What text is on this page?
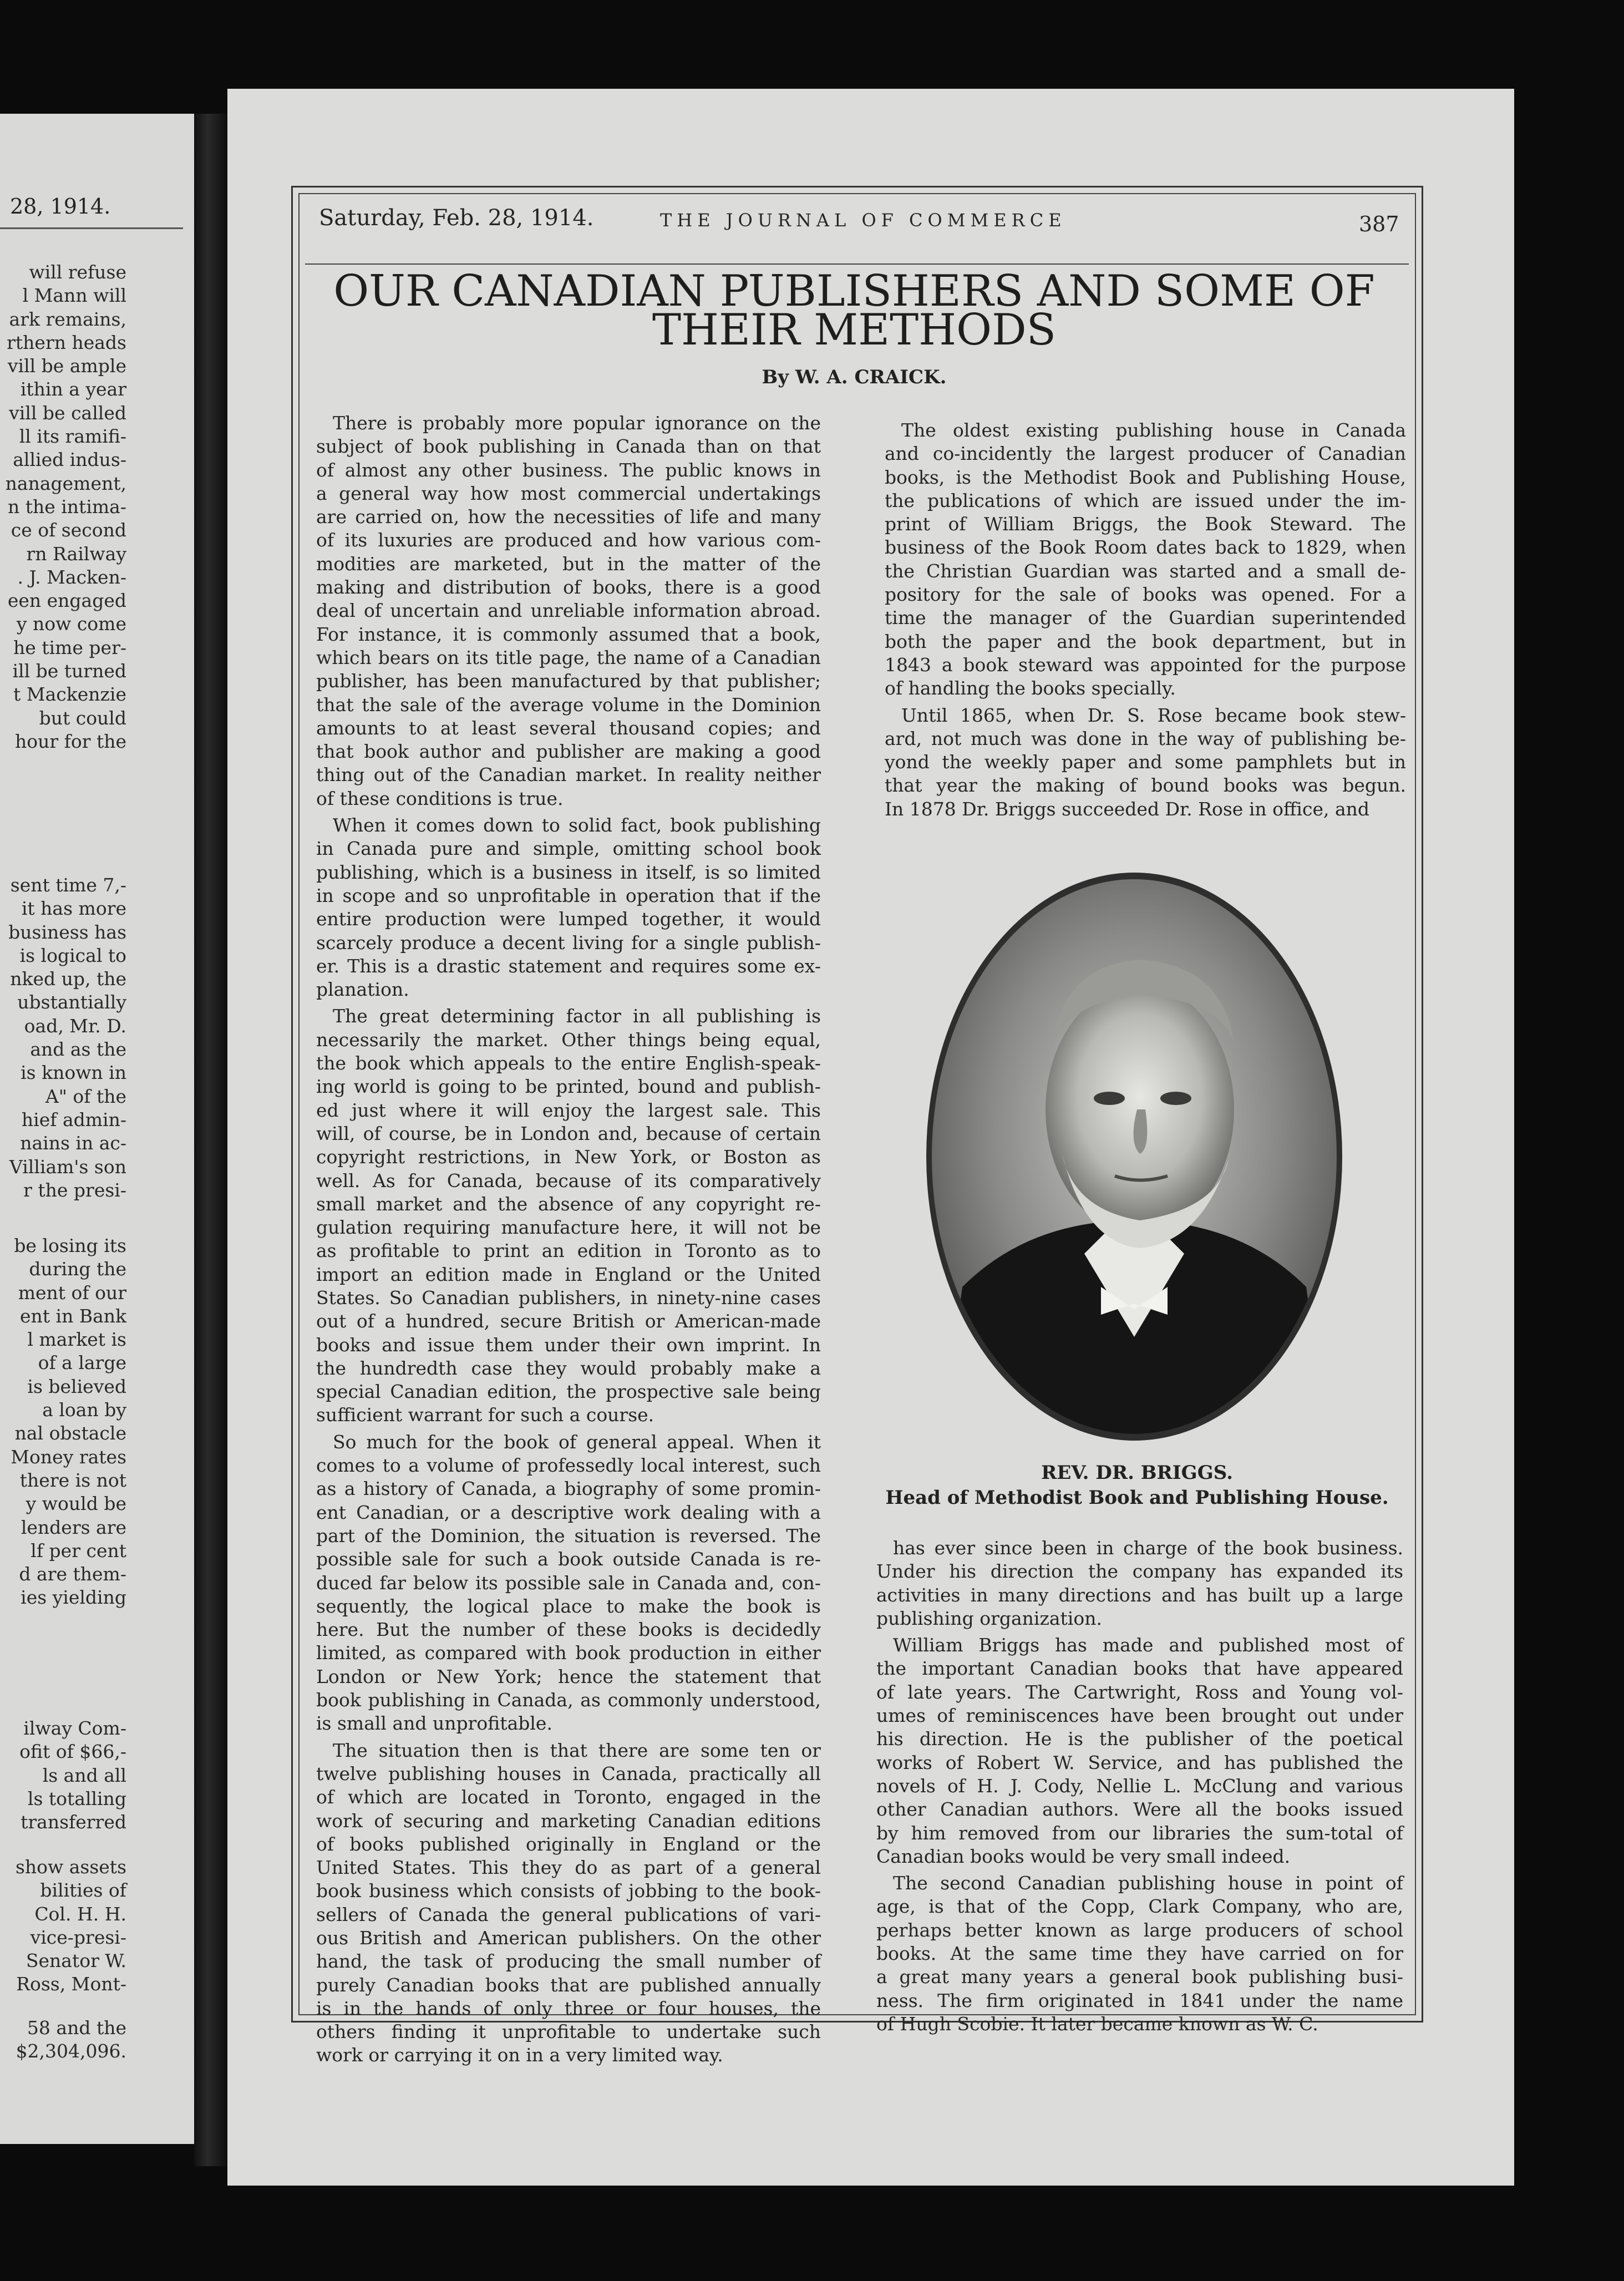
28, 1914.
will refuse
l Mann will
ark remains,
rthern heads
vill be ample
ithin a year
vill be called
ll its ramifi-
allied indus-
nanagement,
n the intima-
ce of second
rn Railway
. J. Macken-
een engaged
y now come
he time per-
ill be turned
t Mackenzie
but could
hour for the
sent time 7,-
it has more
business has
is logical to
nked up, the
ubstantially
oad, Mr. D.
and as the
is known in
A" of the
hief admin-
nains in ac-
Villiam's son
r the presi-
be losing its
during the
ment of our
ent in Bank
l market is
of a large
is believed
a loan by
nal obstacle
Money rates
there is not
y would be
lenders are
lf per cent
d are them-
ies yielding
ilway Com-
ofit of $66,-
ls and all
ls totalling
transferred
show assets
bilities of
Col. H. H.
vice-presi-
Senator W.
Ross, Mont-
58 and the
$2,304,096.
Saturday, Feb. 28, 1914.	THE JOURNAL OF COMMERCE	387
OUR CANADIAN PUBLISHERS AND SOME OF
THEIR METHODS
By W. A. CRAICK.
There is probably more popular ignorance on the
subject of book publishing in Canada than on that
of almost any other business. The public knows in
a general way how most commercial undertakings
are carried on, how the necessities of life and many
of its luxuries are produced and how various com-
modities are marketed, but in the matter of the
making and distribution of books, there is a good
deal of uncertain and unreliable information abroad.
For instance, it is commonly assumed that a book,
which bears on its title page, the name of a Canadian
publisher, has been manufactured by that publisher;
that the sale of the average volume in the Dominion
amounts to at least several thousand copies; and
that book author and publisher are making a good
thing out of the Canadian market. In reality neither
of these conditions is true.
When it comes down to solid fact, book publishing
in Canada pure and simple, omitting school book
publishing, which is a business in itself, is so limited
in scope and so unprofitable in operation that if the
entire production were lumped together, it would
scarcely produce a decent living for a single publish-
er. This is a drastic statement and requires some ex-
planation.
The great determining factor in all publishing is
necessarily the market. Other things being equal,
the book which appeals to the entire English-speak-
ing world is going to be printed, bound and publish-
ed just where it will enjoy the largest sale. This
will, of course, be in London and, because of certain
copyright restrictions, in New York, or Boston as
well. As for Canada, because of its comparatively
small market and the absence of any copyright re-
gulation requiring manufacture here, it will not be
as profitable to print an edition in Toronto as to
import an edition made in England or the United
States. So Canadian publishers, in ninety-nine cases
out of a hundred, secure British or American-made
books and issue them under their own imprint. In
the hundredth case they would probably make a
special Canadian edition, the prospective sale being
sufficient warrant for such a course.
So much for the book of general appeal. When it
comes to a volume of professedly local interest, such
as a history of Canada, a biography of some promin-
ent Canadian, or a descriptive work dealing with a
part of the Dominion, the situation is reversed. The
possible sale for such a book outside Canada is re-
duced far below its possible sale in Canada and, con-
sequently, the logical place to make the book is
here. But the number of these books is decidedly
limited, as compared with book production in either
London or New York; hence the statement that
book publishing in Canada, as commonly understood,
is small and unprofitable.
The situation then is that there are some ten or
twelve publishing houses in Canada, practically all
of which are located in Toronto, engaged in the
work of securing and marketing Canadian editions
of books published originally in England or the
United States. This they do as part of a general
book business which consists of jobbing to the book-
sellers of Canada the general publications of vari-
ous British and American publishers. On the other
hand, the task of producing the small number of
purely Canadian books that are published annually
is in the hands of only three or four houses, the
others finding it unprofitable to undertake such
work or carrying it on in a very limited way.
The oldest existing publishing house in Canada
and co-incidently the largest producer of Canadian
books, is the Methodist Book and Publishing House,
the publications of which are issued under the im-
print of William Briggs, the Book Steward. The
business of the Book Room dates back to 1829, when
the Christian Guardian was started and a small de-
pository for the sale of books was opened. For a
time the manager of the Guardian superintended
both the paper and the book department, but in
1843 a book steward was appointed for the purpose
of handling the books specially.
Until 1865, when Dr. S. Rose became book stew-
ard, not much was done in the way of publishing be-
yond the weekly paper and some pamphlets but in
that year the making of bound books was begun.
In 1878 Dr. Briggs succeeded Dr. Rose in office, and
REV. DR. BRIGGS.
Head of Methodist Book and Publishing House.
has ever since been in charge of the book business.
Under his direction the company has expanded its
activities in many directions and has built up a large
publishing organization.
William Briggs has made and published most of
the important Canadian books that have appeared
of late years. The Cartwright, Ross and Young vol-
umes of reminiscences have been brought out under
his direction. He is the publisher of the poetical
works of Robert W. Service, and has published the
novels of H. J. Cody, Nellie L. McClung and various
other Canadian authors. Were all the books issued
by him removed from our libraries the sum-total of
Canadian books would be very small indeed.
The second Canadian publishing house in point of
age, is that of the Copp, Clark Company, who are,
perhaps better known as large producers of school
books. At the same time they have carried on for
a great many years a general book publishing busi-
ness. The firm originated in 1841 under the name
of Hugh Scobie. It later became known as W. C.
